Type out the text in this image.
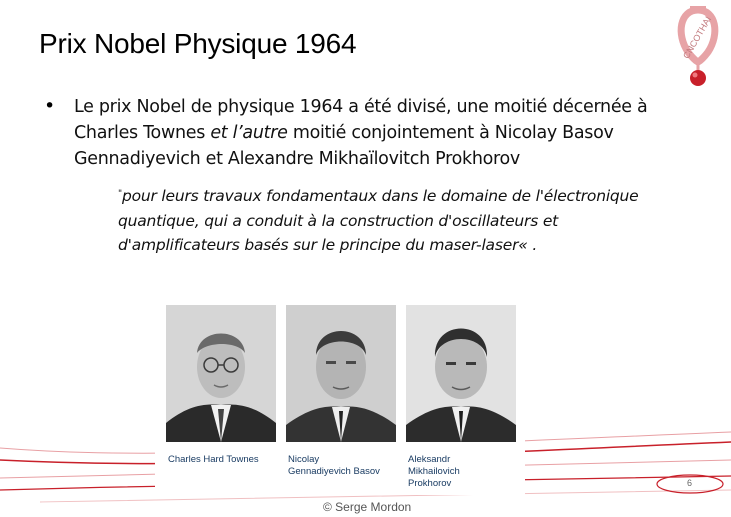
Prix Nobel Physique 1964	CNCOTHAI
• Le prix Nobel de physique 1964 a été divisé, une moitié décernée à Charles Townes et l’autre moitié conjointement à Nicolay Basov Gennadiyevich et Alexandre Mikhaïlovitch Prokhorov
"pour leurs travaux fondamentaux dans le domaine de l'électronique quantique, qui a conduit à la construction d'oscillateurs et d'amplificateurs basés sur le principe du maser-laser« .
Charles Hard Townes	Nicolay
Gennadiyevich Basov
Aleksandr
Mikhailovich
Prokhorov	6
© Serge Mordon
